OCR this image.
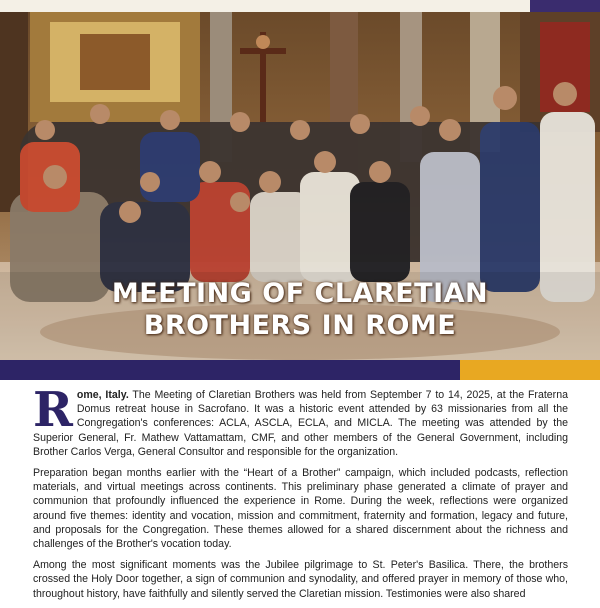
MEETING OF CLARETIAN
BROTHERS IN ROME

Rome, Italy. The Meeting of Claretian Brothers was held from September 7 to 14, 2025, at the Fraterna Domus retreat house in Sacrofano. It was a historic event attended by 63 missionaries from all the Congregation's conferences: ACLA, ASCLA, ECLA, and MICLA. The meeting was attended by the Superior General, Fr. Mathew Vattamattam, CMF, and other members of the General Government, including Brother Carlos Verga, General Consultor and responsible for the organization.

Preparation began months earlier with the “Heart of a Brother” campaign, which included podcasts, reflection materials, and virtual meetings across continents. This preliminary phase generated a climate of prayer and communion that profoundly influenced the experience in Rome. During the week, reflections were organized around five themes: identity and vocation, mission and commitment, fraternity and formation, legacy and future, and proposals for the Congregation. These themes allowed for a shared discernment about the richness and challenges of the Brother's vocation today.

Among the most significant moments was the Jubilee pilgrimage to St. Peter's Basilica. There, the brothers crossed the Holy Door together, a sign of communion and synodality, and offered prayer in memory of those who, throughout history, have faithfully and silently served the Claretian mission. Testimonies were also shared
